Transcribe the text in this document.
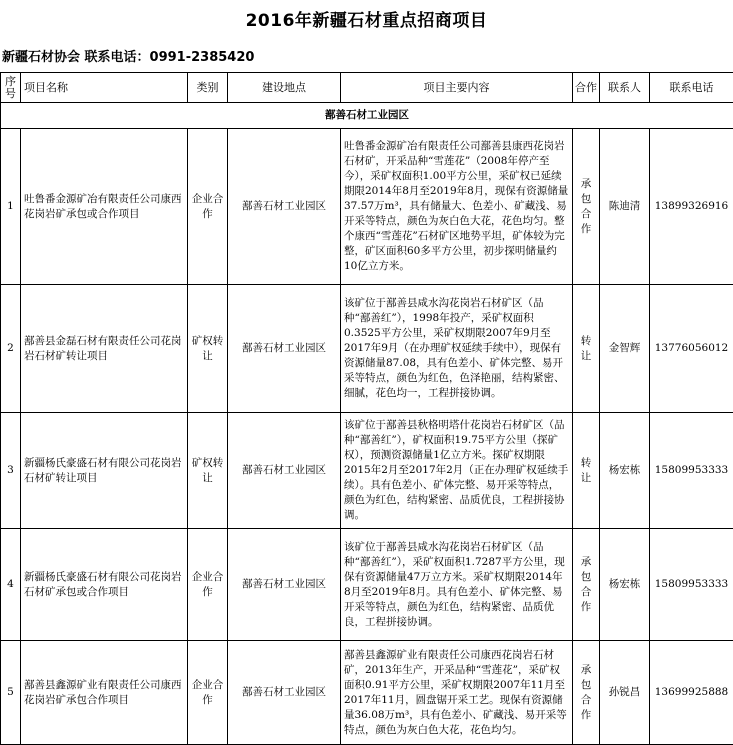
2016年新疆石材重点招商项目
新疆石材协会 联系电话：0991-2385420
序号	项目名称	类别	建设地点	项目主要内容	合作	联系人	联系电话
鄯善石材工业园区							
1	吐鲁番金源矿冶有限责任公司康西花岗岩矿承包或合作项目	企业合作	鄯善石材工业园区	吐鲁番金源矿冶有限责任公司鄯善县康西花岗岩石材矿，开采品种“雪莲花”（2008年停产至今），采矿权面积1.00平方公里，采矿权已延续期限2014年8月至2019年8月，现保有资源储量37.57万m³，具有储量大、色差小、矿藏浅、易开采等特点，颜色为灰白色大花，花色均匀。整个康西“雪莲花”石材矿区地势平坦，矿体较为完整，矿区面积60多平方公里，初步探明储量约10亿立方米。	承包合作	陈迪清	13899326916
2	鄯善县金磊石材有限责任公司花岗岩石材矿转让项目	矿权转让	鄯善石材工业园区	该矿位于鄯善县咸水沟花岗岩石材矿区（品种“鄯善红”），1998年投产，采矿权面积0.3525平方公里，采矿权期限2007年9月至2017年9月（在办理矿权延续手续中），现保有资源储量87.08，具有色差小、矿体完整、易开采等特点，颜色为红色，色泽艳丽，结构紧密、细腻，花色均一，工程拼接协调。	转让	金智辉	13776056012
3	新疆杨氏豪盛石材有限公司花岗岩石材矿转让项目	矿权转让	鄯善石材工业园区	该矿位于鄯善县秋格明塔什花岗岩石材矿区（品种“鄯善红”），矿权面积19.75平方公里（探矿权），预测资源储量1亿立方米。探矿权期限2015年2月至2017年2月（正在办理矿权延续手续）。具有色差小、矿体完整、易开采等特点，颜色为红色，结构紧密、品质优良，工程拼接协调。	转让	杨宏栋	15809953333
4	新疆杨氏豪盛石材有限公司花岗岩石材矿承包或合作项目	企业合作	鄯善石材工业园区	该矿位于鄯善县咸水沟花岗岩石材矿区（品种“鄯善红”），采矿权面积1.7287平方公里，现保有资源储量47万立方米。采矿权期限2014年8月至2019年8月。具有色差小、矿体完整、易开采等特点，颜色为红色，结构紧密、品质优良，工程拼接协调。	承包合作	杨宏栋	15809953333
5	鄯善县鑫源矿业有限责任公司康西花岗岩矿承包合作项目	企业合作	鄯善石材工业园区	鄯善县鑫源矿业有限责任公司康西花岗岩石材矿，2013年生产，开采品种“雪莲花”，采矿权面积0.91平方公里，采矿权期限2007年11月至2017年11月，圆盘锯开采工艺。现保有资源储量36.08万m³，具有色差小、矿藏浅、易开采等特点，颜色为灰白色大花，花色均匀。	承包合作	孙锐昌	13699925888
